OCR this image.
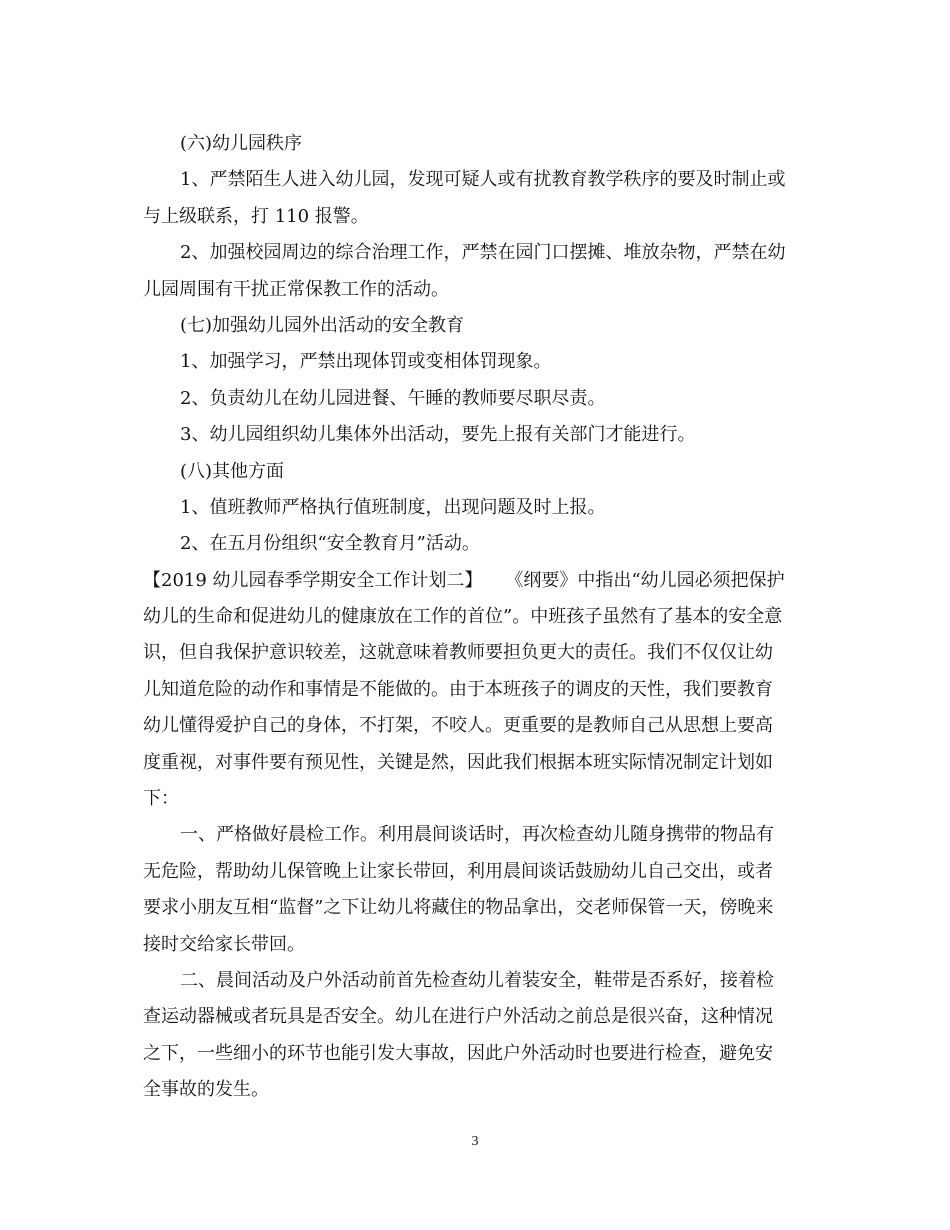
(六)幼儿园秩序
1、严禁陌生人进入幼儿园，发现可疑人或有扰教育教学秩序的要及时制止或
与上级联系，打 110 报警。
2、加强校园周边的综合治理工作，严禁在园门口摆摊、堆放杂物，严禁在幼
儿园周围有干扰正常保教工作的活动。
(七)加强幼儿园外出活动的安全教育
1、加强学习，严禁出现体罚或变相体罚现象。
2、负责幼儿在幼儿园进餐、午睡的教师要尽职尽责。
3、幼儿园组织幼儿集体外出活动，要先上报有关部门才能进行。
(八)其他方面
1、值班教师严格执行值班制度，出现问题及时上报。
2、在五月份组织“安全教育月”活动。
【2019 幼儿园春季学期安全工作计划二】    《纲要》中指出“幼儿园必须把保护
幼儿的生命和促进幼儿的健康放在工作的首位”。中班孩子虽然有了基本的安全意
识，但自我保护意识较差，这就意味着教师要担负更大的责任。我们不仅仅让幼
儿知道危险的动作和事情是不能做的。由于本班孩子的调皮的天性，我们要教育
幼儿懂得爱护自己的身体，不打架，不咬人。更重要的是教师自己从思想上要高
度重视，对事件要有预见性，关键是然，因此我们根据本班实际情况制定计划如
下：
一、严格做好晨检工作。利用晨间谈话时，再次检查幼儿随身携带的物品有
无危险，帮助幼儿保管晚上让家长带回，利用晨间谈话鼓励幼儿自己交出，或者
要求小朋友互相“监督”之下让幼儿将藏住的物品拿出，交老师保管一天，傍晚来
接时交给家长带回。
二、晨间活动及户外活动前首先检查幼儿着装安全，鞋带是否系好，接着检
查运动器械或者玩具是否安全。幼儿在进行户外活动之前总是很兴奋，这种情况
之下，一些细小的环节也能引发大事故，因此户外活动时也要进行检查，避免安
全事故的发生。
3
